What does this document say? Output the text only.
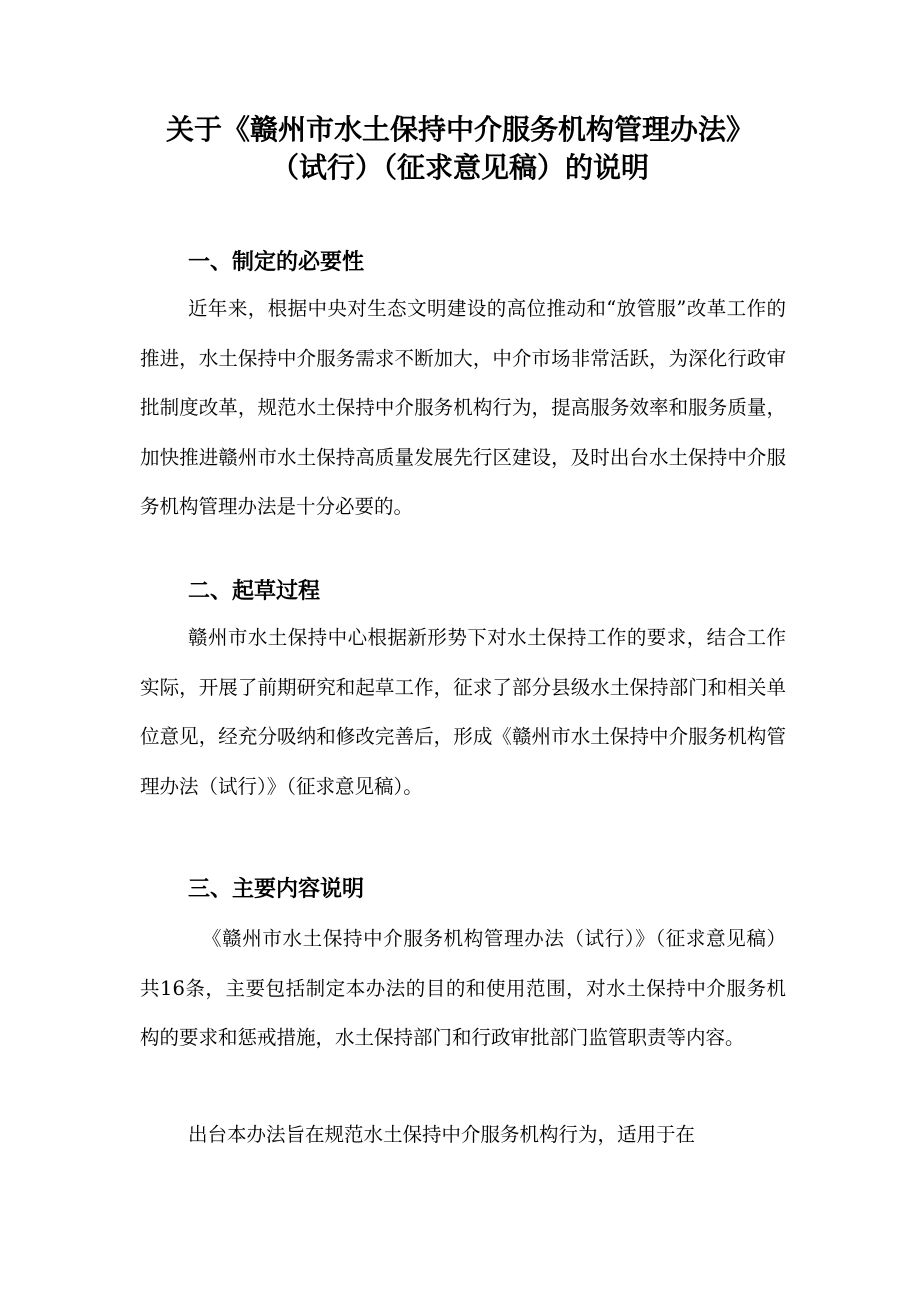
关于《赣州市水土保持中介服务机构管理办法》
（试行）（征求意见稿）的说明
一、制定的必要性
近年来，根据中央对生态文明建设的高位推动和“放管服”改革工作的推进，水土保持中介服务需求不断加大，中介市场非常活跃，为深化行政审批制度改革，规范水土保持中介服务机构行为，提高服务效率和服务质量，加快推进赣州市水土保持高质量发展先行区建设，及时出台水土保持中介服务机构管理办法是十分必要的。
二、起草过程
赣州市水土保持中心根据新形势下对水土保持工作的要求，结合工作实际，开展了前期研究和起草工作，征求了部分县级水土保持部门和相关单位意见，经充分吸纳和修改完善后，形成《赣州市水土保持中介服务机构管理办法（试行）》（征求意见稿）。
三、主要内容说明
《赣州市水土保持中介服务机构管理办法（试行）》（征求意见稿）共16条，主要包括制定本办法的目的和使用范围，对水土保持中介服务机构的要求和惩戒措施，水土保持部门和行政审批部门监管职责等内容。
出台本办法旨在规范水土保持中介服务机构行为，适用于在
